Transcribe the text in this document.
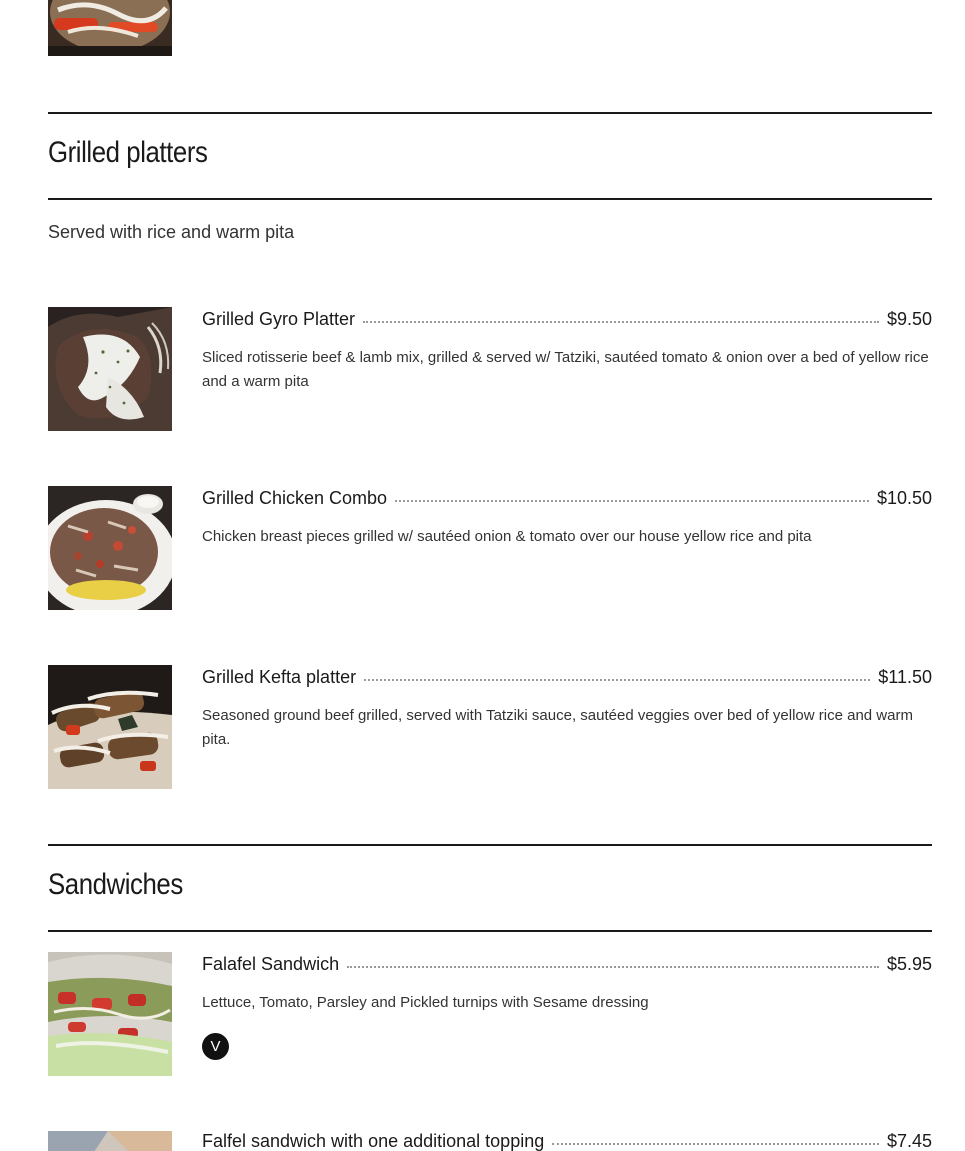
Grilled platters
Served with rice and warm pita
Grilled Gyro Platter	$9.50
Sliced rotisserie beef & lamb mix, grilled & served w/ Tatziki, sautéed tomato & onion over a bed of yellow rice and a warm pita
Grilled Chicken Combo	$10.50
Chicken breast pieces grilled w/ sautéed onion & tomato over our house yellow rice and pita
Grilled Kefta platter	$11.50
Seasoned ground beef grilled, served with Tatziki sauce, sautéed veggies over bed of yellow rice and warm pita.
Sandwiches
Falafel Sandwich	$5.95
Lettuce, Tomato, Parsley and Pickled turnips with Sesame dressing
V
Falfel sandwich with one additional topping	$7.45
